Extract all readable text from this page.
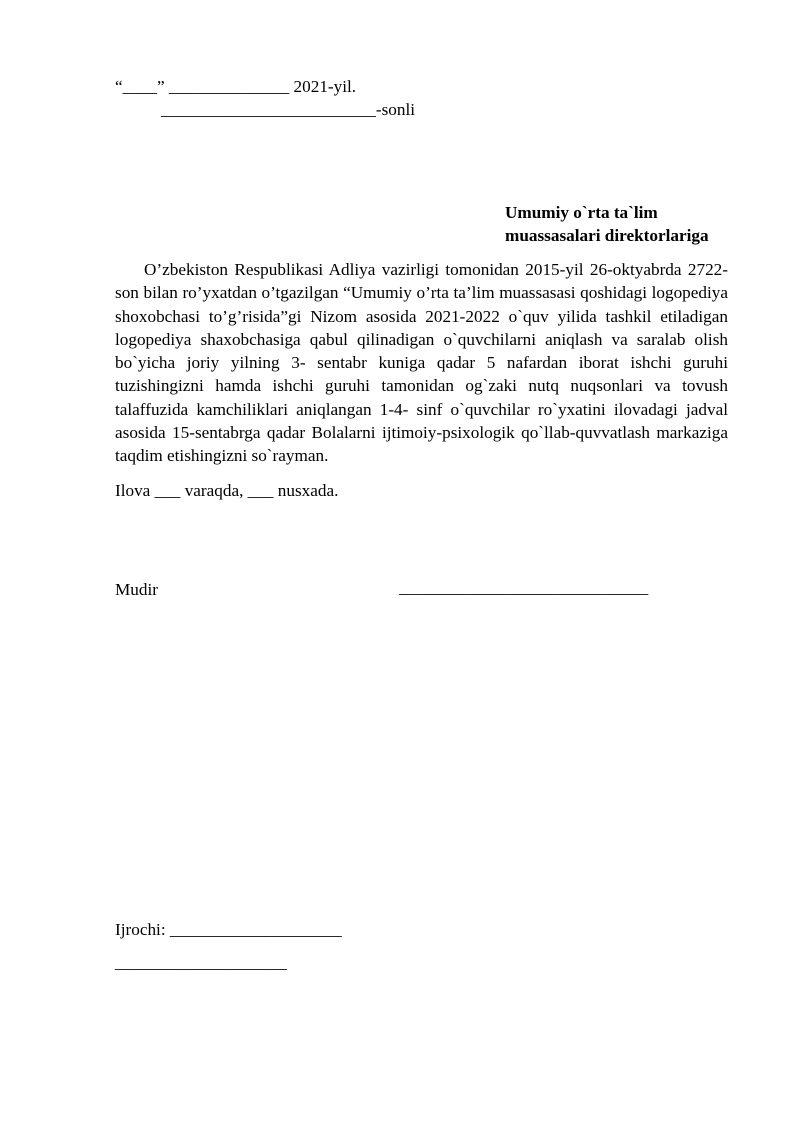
“____” ______________ 2021-yil.
_________________________-sonli
Umumiy o`rta ta`lim
muassasalari direktorlariga

O’zbekiston Respublikasi Adliya vazirligi tomonidan 2015-yil 26-oktyabrda 2722-son bilan ro’yxatdan o’tgazilgan “Umumiy o’rta ta’lim muassasasi qoshidagi logopediya shoxobchasi to’g’risida”gi Nizom asosida 2021-2022 o`quv yilida tashkil etiladigan logopediya shaxobchasiga qabul qilinadigan o`quvchilarni aniqlash va saralab olish bo`yicha joriy yilning 3- sentabr kuniga qadar 5 nafardan iborat ishchi guruhi tuzishingizni hamda ishchi guruhi tamonidan og`zaki nutq nuqsonlari va tovush talaffuzida kamchiliklari aniqlangan 1-4- sinf o`quvchilar ro`yxatini ilovadagi jadval asosida 15-sentabrga qadar Bolalarni ijtimoiy-psixologik qo`llab-quvvatlash markaziga taqdim etishingizni so`rayman.

Ilova ___ varaqda, ___ nusxada.
Mudir	_____________________________
Ijrochi: ____________________
____________________
